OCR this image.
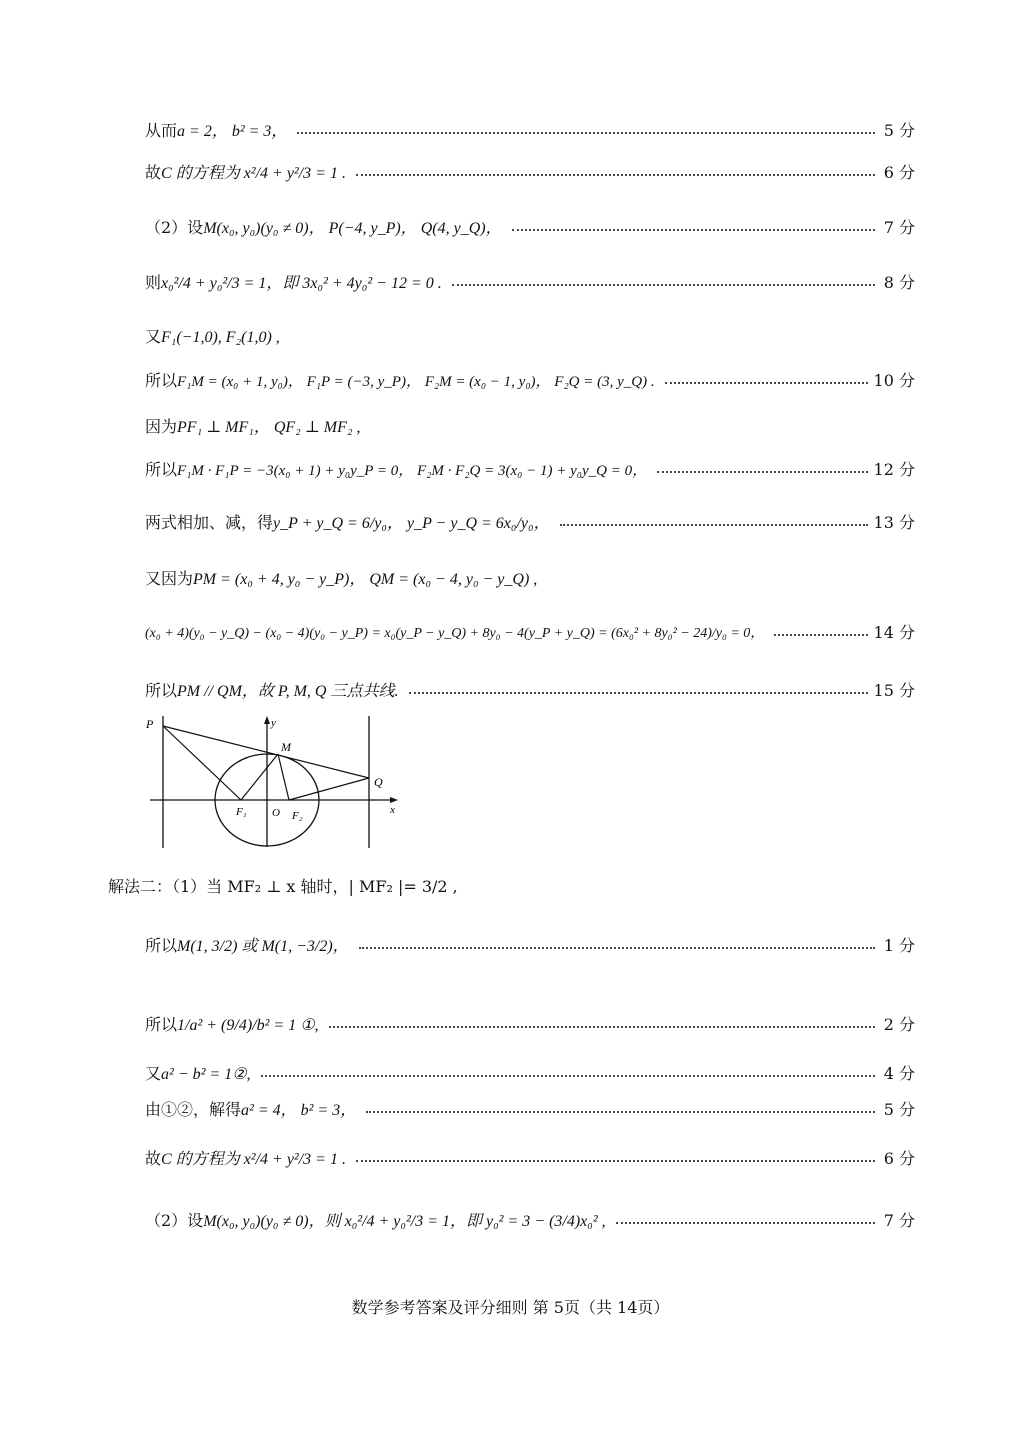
从而a = 2， b² = 3，	5 分
故C 的方程为 x²/4 + y²/3 = 1 .	6 分
（2）设M(x₀, y₀)(y₀ ≠ 0)， P(−4, y_P)， Q(4, y_Q)，	7 分
则x₀²/4 + y₀²/3 = 1，即 3x₀² + 4y₀² − 12 = 0 .	8 分
又F₁(−1,0), F₂(1,0) ,
所以F₁M = (x₀ + 1, y₀)， F₁P = (−3, y_P)， F₂M = (x₀ − 1, y₀)， F₂Q = (3, y_Q) .	10 分
因为PF₁ ⊥ MF₁， QF₂ ⊥ MF₂ ,
所以F₁M · F₁P = −3(x₀ + 1) + y₀y_P = 0， F₂M · F₂Q = 3(x₀ − 1) + y₀y_Q = 0，	12 分
两式相加、减，得y_P + y_Q = 6/y₀， y_P − y_Q = 6x₀/y₀，	13 分
又因为PM = (x₀ + 4, y₀ − y_P)， QM = (x₀ − 4, y₀ − y_Q) ,
(x₀ + 4)(y₀ − y_Q) − (x₀ − 4)(y₀ − y_P) = x₀(y_P − y_Q) + 8y₀ − 4(y_P + y_Q) = (6x₀² + 8y₀² − 24)/y₀ = 0，	14 分
所以PM // QM，故 P, M, Q 三点共线.	15 分
P
M
Q
y
x
O
F₁	F₂
解法二：（1）当 MF₂ ⊥ x 轴时，| MF₂ |= 3/2 ,
所以M(1, 3/2) 或 M(1, −3/2)，	1 分
所以1/a² + (9/4)/b² = 1 ①,	2 分
又a² − b² = 1②,	4 分
由①②，解得a² = 4， b² = 3，	5 分
故C 的方程为 x²/4 + y²/3 = 1 .	6 分
（2）设M(x₀, y₀)(y₀ ≠ 0)，则 x₀²/4 + y₀²/3 = 1，即 y₀² = 3 − (3/4)x₀² ,	7 分
数学参考答案及评分细则 第 5页（共 14页）
